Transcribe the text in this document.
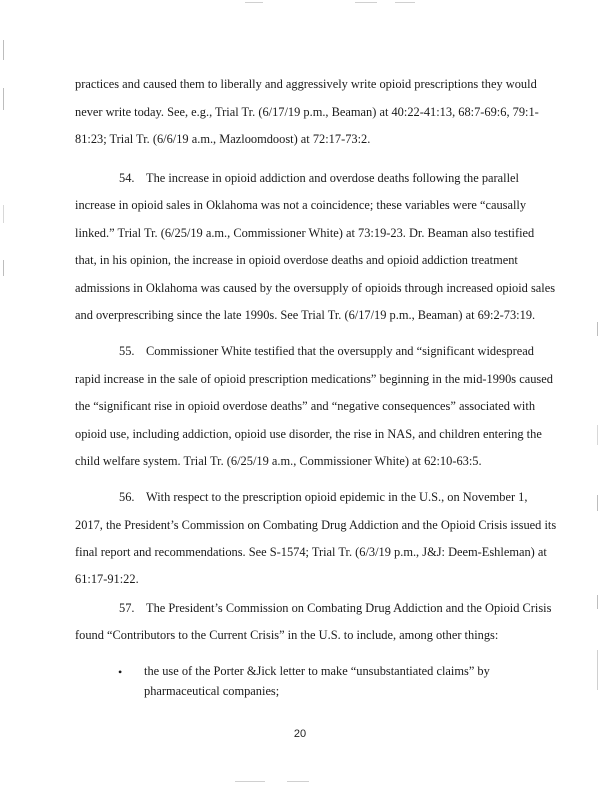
practices and caused them to liberally and aggressively write opioid prescriptions they would
never write today. See, e.g., Trial Tr. (6/17/19 p.m., Beaman) at 40:22-41:13, 68:7-69:6, 79:1-
81:23; Trial Tr. (6/6/19 a.m., Mazloomdoost) at 72:17-73:2.
54. The increase in opioid addiction and overdose deaths following the parallel
increase in opioid sales in Oklahoma was not a coincidence; these variables were “causally
linked.” Trial Tr. (6/25/19 a.m., Commissioner White) at 73:19-23. Dr. Beaman also testified
that, in his opinion, the increase in opioid overdose deaths and opioid addiction treatment
admissions in Oklahoma was caused by the oversupply of opioids through increased opioid sales
and overprescribing since the late 1990s. See Trial Tr. (6/17/19 p.m., Beaman) at 69:2-73:19.
55. Commissioner White testified that the oversupply and “significant widespread
rapid increase in the sale of opioid prescription medications” beginning in the mid-1990s caused
the “significant rise in opioid overdose deaths” and “negative consequences” associated with
opioid use, including addiction, opioid use disorder, the rise in NAS, and children entering the
child welfare system. Trial Tr. (6/25/19 a.m., Commissioner White) at 62:10-63:5.
56. With respect to the prescription opioid epidemic in the U.S., on November 1,
2017, the President’s Commission on Combating Drug Addiction and the Opioid Crisis issued its
final report and recommendations. See S-1574; Trial Tr. (6/3/19 p.m., J&J: Deem-Eshleman) at
61:17-91:22.
57. The President’s Commission on Combating Drug Addiction and the Opioid Crisis
found “Contributors to the Current Crisis” in the U.S. to include, among other things:
• the use of the Porter &Jick letter to make “unsubstantiated claims” by
pharmaceutical companies;
20
